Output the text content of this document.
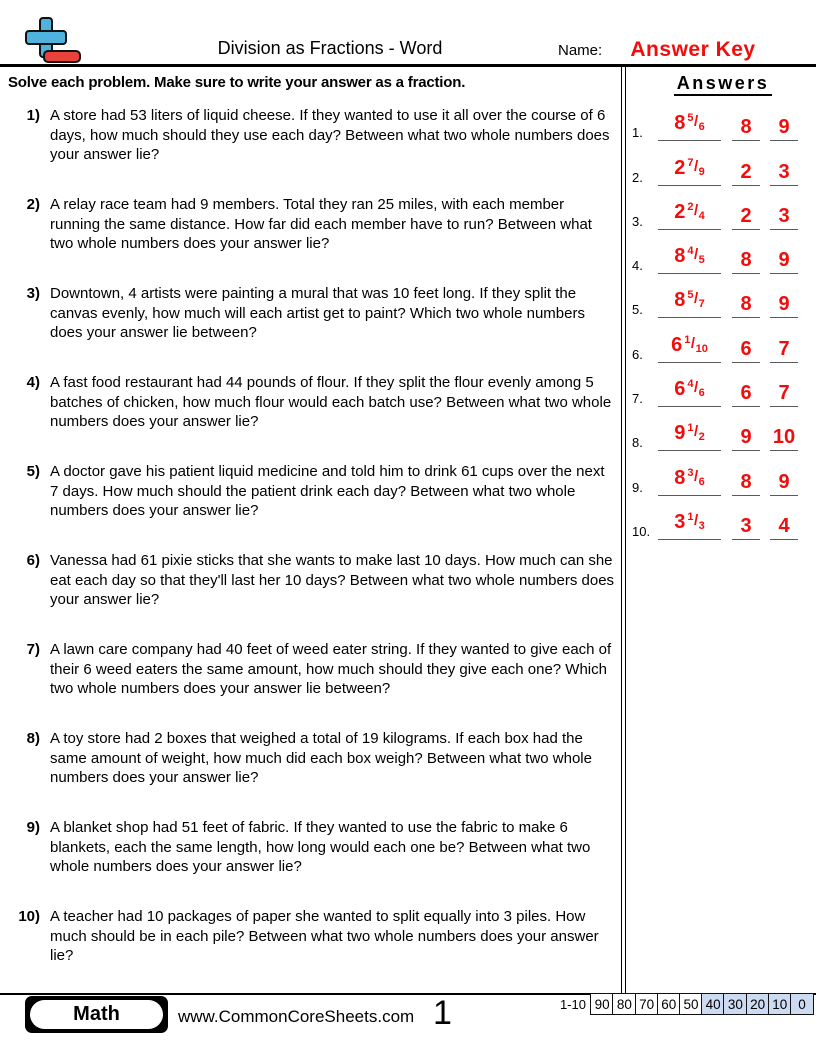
Division as Fractions - Word	Name:	Answer Key
Solve each problem. Make sure to write your answer as a fraction.
1) A store had 53 liters of liquid cheese. If they wanted to use it all over the course of 6 days, how much should they use each day? Between what two whole numbers does your answer lie?
2) A relay race team had 9 members. Total they ran 25 miles, with each member running the same distance. How far did each member have to run? Between what two whole numbers does your answer lie?
3) Downtown, 4 artists were painting a mural that was 10 feet long. If they split the canvas evenly, how much will each artist get to paint? Which two whole numbers does your answer lie between?
4) A fast food restaurant had 44 pounds of flour. If they split the flour evenly among 5 batches of chicken, how much flour would each batch use? Between what two whole numbers does your answer lie?
5) A doctor gave his patient liquid medicine and told him to drink 61 cups over the next 7 days. How much should the patient drink each day? Between what two whole numbers does your answer lie?
6) Vanessa had 61 pixie sticks that she wants to make last 10 days. How much can she eat each day so that they'll last her 10 days? Between what two whole numbers does your answer lie?
7) A lawn care company had 40 feet of weed eater string. If they wanted to give each of their 6 weed eaters the same amount, how much should they give each one? Which two whole numbers does your answer lie between?
8) A toy store had 2 boxes that weighed a total of 19 kilograms. If each box had the same amount of weight, how much did each box weigh? Between what two whole numbers does your answer lie?
9) A blanket shop had 51 feet of fabric. If they wanted to use the fabric to make 6 blankets, each the same length, how long would each one be? Between what two whole numbers does your answer lie?
10) A teacher had 10 packages of paper she wanted to split equally into 3 piles. How much should be in each pile? Between what two whole numbers does your answer lie?
Answers
1.	8 $^5$/6	8	9
2.	2 $^7$/9	2	3
3.	2 $^2$/4	2	3
4.	8 $^4$/5	8	9
5.	8 $^5$/7	8	9
6.	6 $^1$/10	6	7
7.	6 $^4$/6	6	7
8.	9 $^1$/2	9	10
9.	8 $^3$/6	8	9
10.	3 $^1$/3	3	4
Math	www.CommonCoreSheets.com 1	1-10 90 80 70 60 50 40 30 20 10 0
